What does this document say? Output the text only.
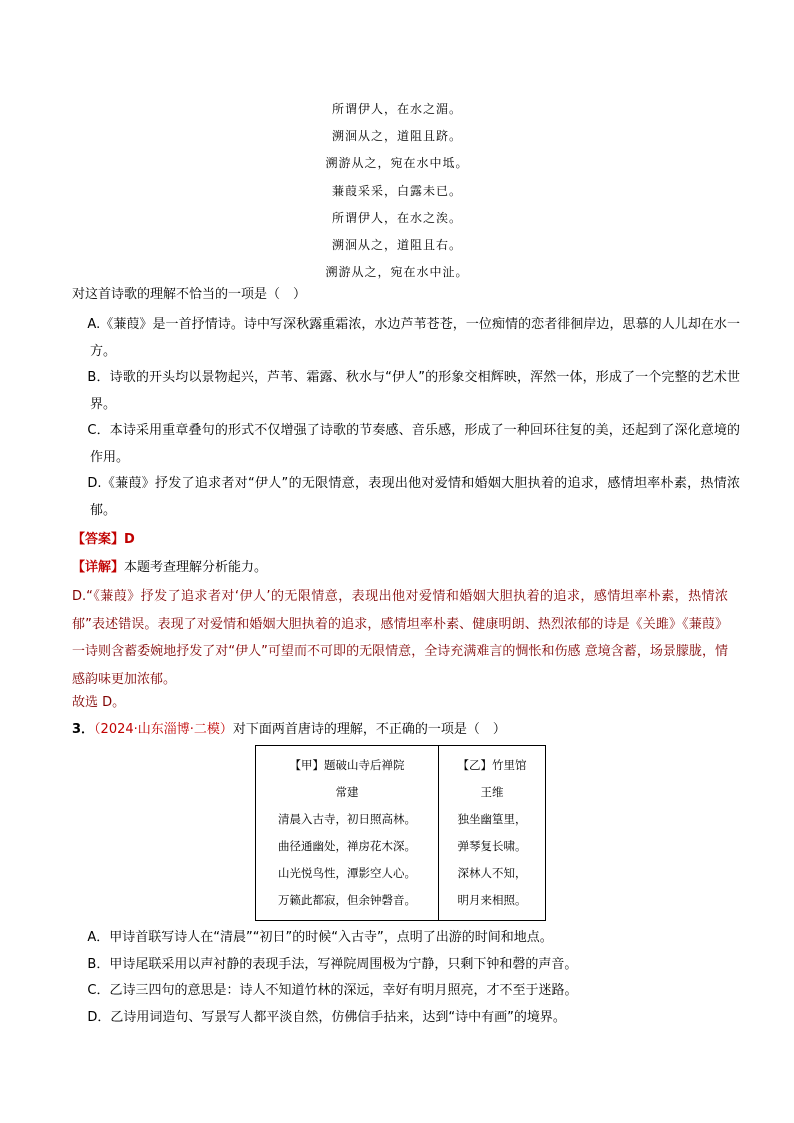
所谓伊人，在水之湄。
溯洄从之，道阻且跻。
溯游从之，宛在水中坻。
蒹葭采采，白露未已。
所谓伊人，在水之涘。
溯洄从之，道阻且右。
溯游从之，宛在水中沚。
对这首诗歌的理解不恰当的一项是（　）

A.《蒹葭》是一首抒情诗。诗中写深秋露重霜浓，水边芦苇苍苍，一位痴情的恋者徘徊岸边，思慕的人儿却在水一方。

B．诗歌的开头均以景物起兴，芦苇、霜露、秋水与“伊人”的形象交相辉映，浑然一体，形成了一个完整的艺术世界。

C．本诗采用重章叠句的形式不仅增强了诗歌的节奏感、音乐感，形成了一种回环往复的美，还起到了深化意境的作用。

D.《蒹葭》抒发了追求者对“伊人”的无限情意，表现出他对爱情和婚姻大胆执着的追求，感情坦率朴素，热情浓郁。

【答案】D
【详解】本题考查理解分析能力。
D.“《蒹葭》抒发了追求者对‘伊人’的无限情意，表现出他对爱情和婚姻大胆执着的追求，感情坦率朴素，热情浓郁”表述错误。表现了对爱情和婚姻大胆执着的追求，感情坦率朴素、健康明朗、热烈浓郁的诗是《关雎》《蒹葭》一诗则含蓄委婉地抒发了对“伊人”可望而不可即的无限情意，全诗充满难言的惆怅和伤感 意境含蓄，场景朦胧，情感韵味更加浓郁。
故选 D。
3．（2024·山东淄博·二模）对下面两首唐诗的理解，不正确的一项是（　）
【甲】题破山寺后禅院
常建
清晨入古寺，初日照高林。
曲径通幽处，禅房花木深。
山光悦鸟性，潭影空人心。
万籁此都寂，但余钟磬音。

【乙】竹里馆
王维
独坐幽篁里，
弹琴复长啸。
深林人不知，
明月来相照。

A．甲诗首联写诗人在“清晨”“初日”的时候“入古寺”，点明了出游的时间和地点。

B．甲诗尾联采用以声衬静的表现手法，写禅院周围极为宁静，只剩下钟和磬的声音。

C．乙诗三四句的意思是：诗人不知道竹林的深远，幸好有明月照亮，才不至于迷路。

D．乙诗用词造句、写景写人都平淡自然，仿佛信手拈来，达到“诗中有画”的境界。
